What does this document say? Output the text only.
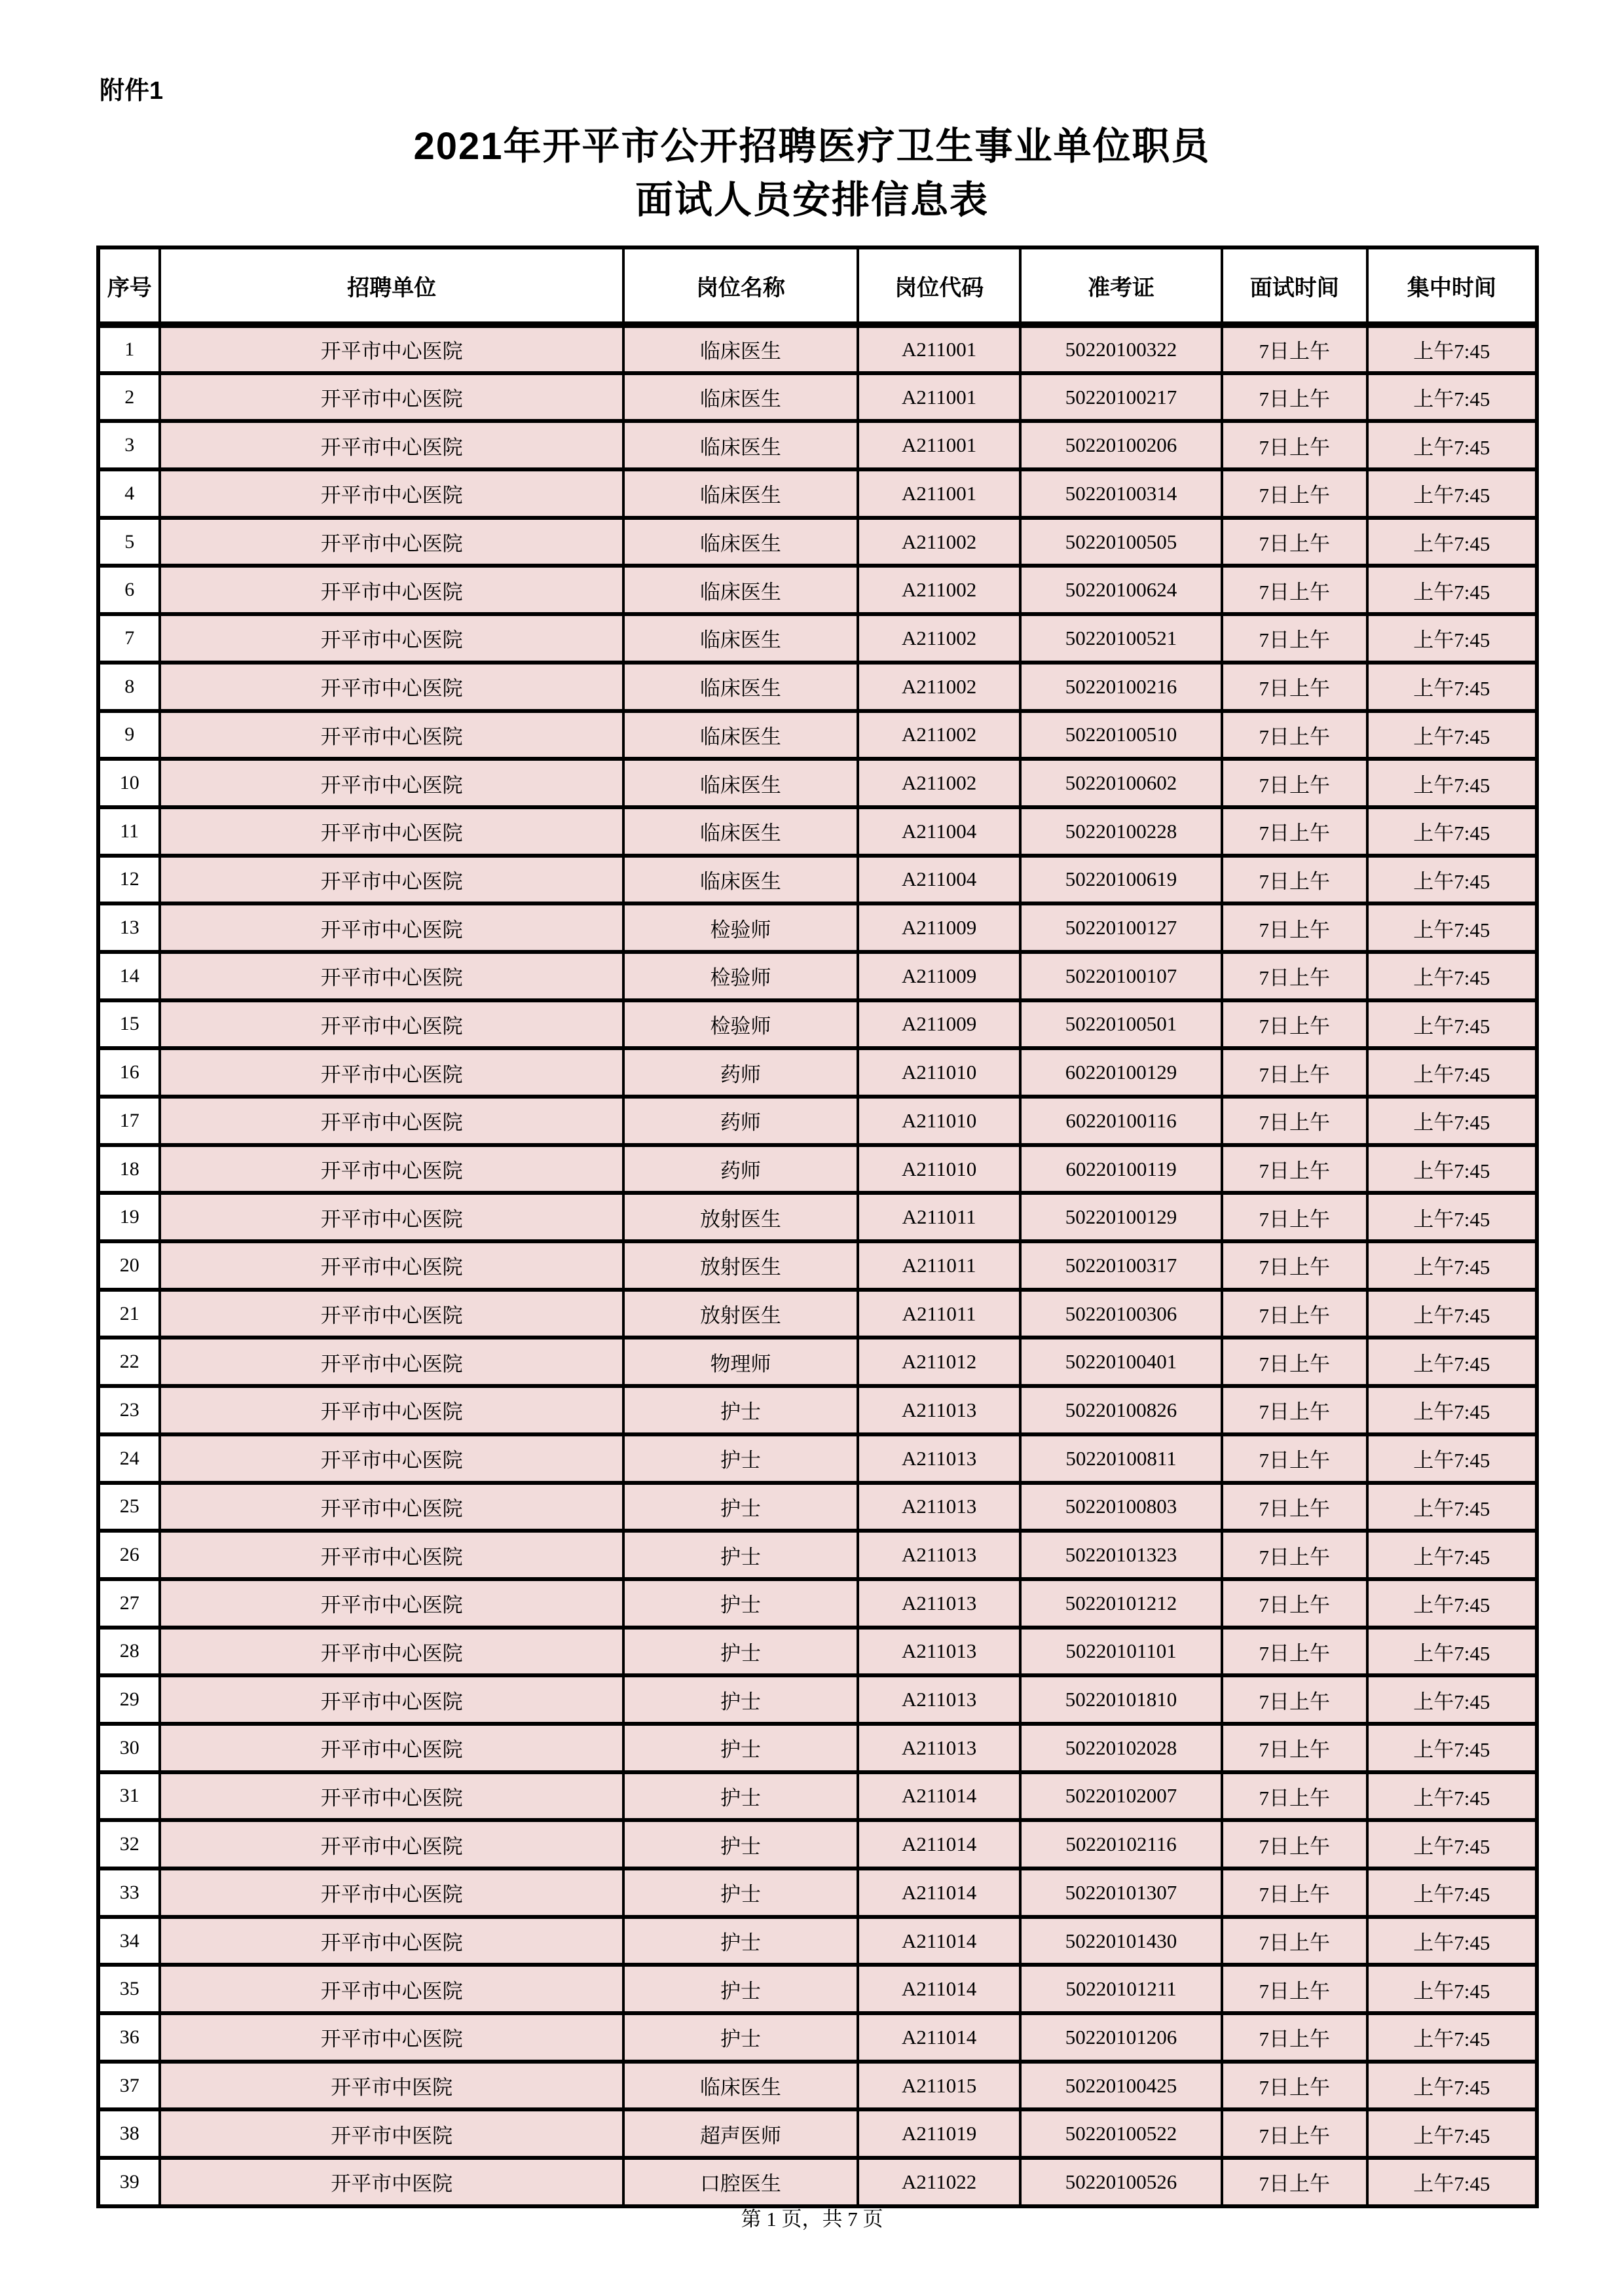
附件1
2021年开平市公开招聘医疗卫生事业单位职员
面试人员安排信息表
序号	招聘单位	岗位名称	岗位代码	准考证	面试时间	集中时间
1	开平市中心医院	临床医生	A211001	50220100322	7日上午	上午7:45
2	开平市中心医院	临床医生	A211001	50220100217	7日上午	上午7:45
3	开平市中心医院	临床医生	A211001	50220100206	7日上午	上午7:45
4	开平市中心医院	临床医生	A211001	50220100314	7日上午	上午7:45
5	开平市中心医院	临床医生	A211002	50220100505	7日上午	上午7:45
6	开平市中心医院	临床医生	A211002	50220100624	7日上午	上午7:45
7	开平市中心医院	临床医生	A211002	50220100521	7日上午	上午7:45
8	开平市中心医院	临床医生	A211002	50220100216	7日上午	上午7:45
9	开平市中心医院	临床医生	A211002	50220100510	7日上午	上午7:45
10	开平市中心医院	临床医生	A211002	50220100602	7日上午	上午7:45
11	开平市中心医院	临床医生	A211004	50220100228	7日上午	上午7:45
12	开平市中心医院	临床医生	A211004	50220100619	7日上午	上午7:45
13	开平市中心医院	检验师	A211009	50220100127	7日上午	上午7:45
14	开平市中心医院	检验师	A211009	50220100107	7日上午	上午7:45
15	开平市中心医院	检验师	A211009	50220100501	7日上午	上午7:45
16	开平市中心医院	药师	A211010	60220100129	7日上午	上午7:45
17	开平市中心医院	药师	A211010	60220100116	7日上午	上午7:45
18	开平市中心医院	药师	A211010	60220100119	7日上午	上午7:45
19	开平市中心医院	放射医生	A211011	50220100129	7日上午	上午7:45
20	开平市中心医院	放射医生	A211011	50220100317	7日上午	上午7:45
21	开平市中心医院	放射医生	A211011	50220100306	7日上午	上午7:45
22	开平市中心医院	物理师	A211012	50220100401	7日上午	上午7:45
23	开平市中心医院	护士	A211013	50220100826	7日上午	上午7:45
24	开平市中心医院	护士	A211013	50220100811	7日上午	上午7:45
25	开平市中心医院	护士	A211013	50220100803	7日上午	上午7:45
26	开平市中心医院	护士	A211013	50220101323	7日上午	上午7:45
27	开平市中心医院	护士	A211013	50220101212	7日上午	上午7:45
28	开平市中心医院	护士	A211013	50220101101	7日上午	上午7:45
29	开平市中心医院	护士	A211013	50220101810	7日上午	上午7:45
30	开平市中心医院	护士	A211013	50220102028	7日上午	上午7:45
31	开平市中心医院	护士	A211014	50220102007	7日上午	上午7:45
32	开平市中心医院	护士	A211014	50220102116	7日上午	上午7:45
33	开平市中心医院	护士	A211014	50220101307	7日上午	上午7:45
34	开平市中心医院	护士	A211014	50220101430	7日上午	上午7:45
35	开平市中心医院	护士	A211014	50220101211	7日上午	上午7:45
36	开平市中心医院	护士	A211014	50220101206	7日上午	上午7:45
37	开平市中医院	临床医生	A211015	50220100425	7日上午	上午7:45
38	开平市中医院	超声医师	A211019	50220100522	7日上午	上午7:45
39	开平市中医院	口腔医生	A211022	50220100526	7日上午	上午7:45
第 1 页，共 7 页
